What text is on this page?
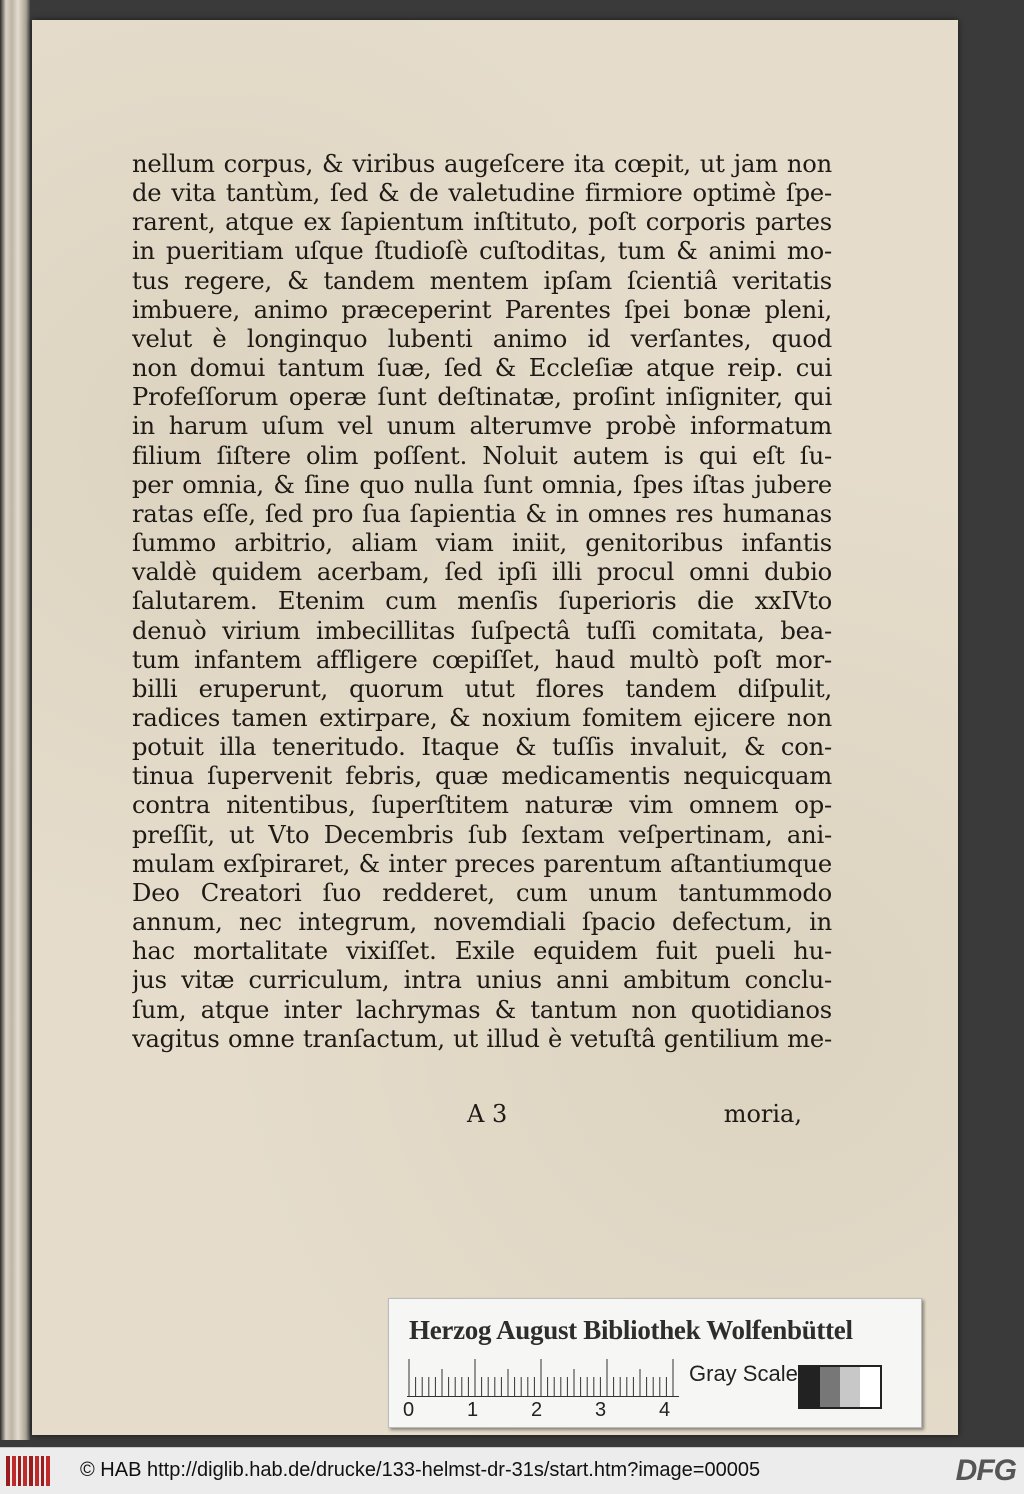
nellum corpus, & viribus augeſcere ita cœpit, ut jam non
de vita tantùm, ſed & de valetudine firmiore optimè ſpe-
rarent, atque ex ſapientum inſtituto, poſt corporis partes
in pueritiam uſque ſtudioſè cuſtoditas, tum & animi mo-
tus regere, & tandem mentem ipſam ſcientiâ veritatis
imbuere, animo præceperint Parentes ſpei bonæ pleni,
velut è longinquo lubenti animo id verſantes, quod
non domui tantum ſuæ, ſed & Eccleſiæ atque reip. cui
Profeſſorum operæ ſunt deſtinatæ, proſint inſigniter, qui
in harum uſum vel unum alterumve probè informatum
filium ſiſtere olim poſſent. Noluit autem is qui eſt ſu-
per omnia, & ſine quo nulla ſunt omnia, ſpes iſtas jubere
ratas eſſe, ſed pro ſua ſapientia & in omnes res humanas
ſummo arbitrio, aliam viam iniit, genitoribus infantis
valdè quidem acerbam, ſed ipſi illi procul omni dubio
ſalutarem. Etenim cum menſis ſuperioris die xxIVto
denuò virium imbecillitas ſuſpectâ tuſſi comitata, bea-
tum infantem affligere cœpiſſet, haud multò poſt mor-
billi eruperunt, quorum utut flores tandem diſpulit,
radices tamen extirpare, & noxium fomitem ejicere non
potuit illa teneritudo. Itaque & tuſſis invaluit, & con-
tinua ſupervenit febris, quæ medicamentis nequicquam
contra nitentibus, ſuperſtitem naturæ vim omnem op-
preſſit, ut Vto Decembris ſub ſextam veſpertinam, ani-
mulam exſpiraret, & inter preces parentum aſtantiumque
Deo Creatori ſuo redderet, cum unum tantummodo
annum, nec integrum, novemdiali ſpacio defectum, in
hac mortalitate vixiſſet. Exile equidem fuit pueli hu-
jus vitæ curriculum, intra unius anni ambitum conclu-
ſum, atque inter lachrymas & tantum non quotidianos
vagitus omne tranſactum, ut illud è vetuſtâ gentilium me-
A 3	moria,
Herzog August Bibliothek Wolfenbüttel
0	1	2	3	4
Gray Scale
© HAB http://diglib.hab.de/drucke/133-helmst-dr-31s/start.htm?image=00005	DFG
